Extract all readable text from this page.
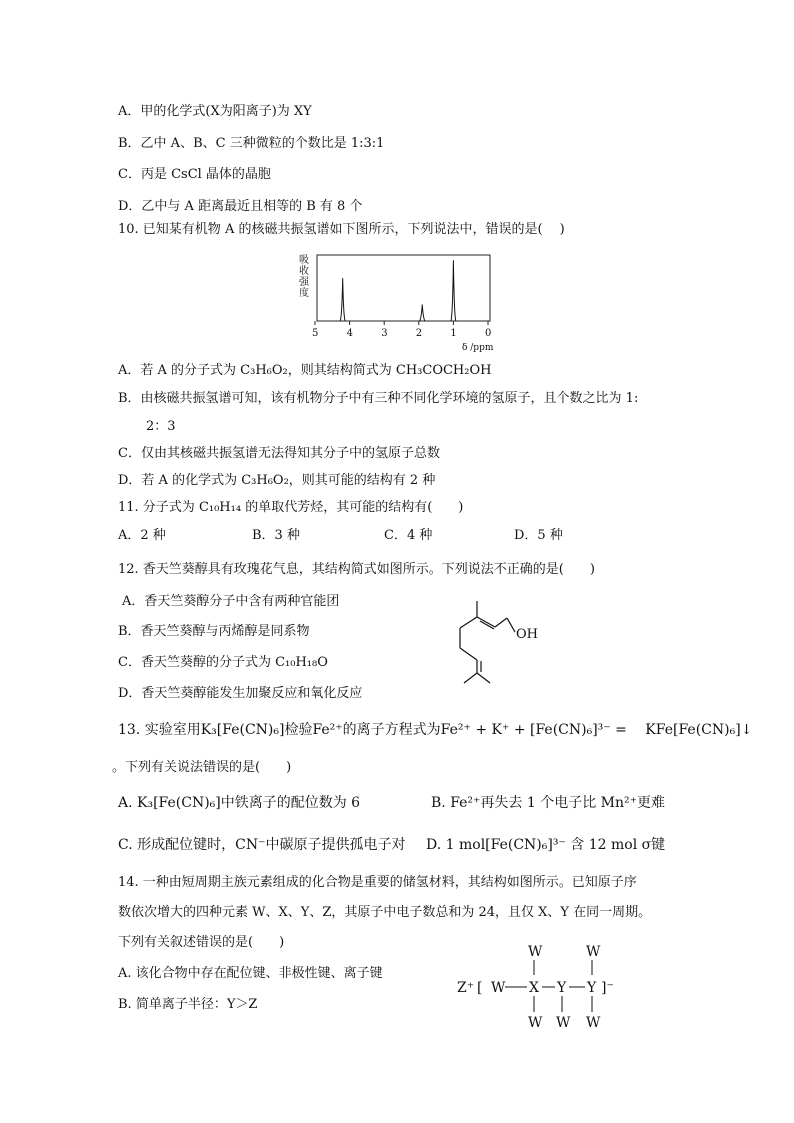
A．甲的化学式(X为阳离子)为 XY
B．乙中 A、B、C 三种微粒的个数比是 1:3:1
C．丙是 CsCl 晶体的晶胞
D．乙中与 A 距离最近且相等的 B 有 8 个
10. 已知某有机物 A 的核磁共振氢谱如下图所示，下列说法中，错误的是(　 )
吸
收
强
度
5	4	3	2	1	0
δ /ppm
A．若 A 的分子式为 C₃H₆O₂，则其结构简式为 CH₃COCH₂OH
B．由核磁共振氢谱可知，该有机物分子中有三种不同化学环境的氢原子，且个数之比为 1:
2：3
C．仅由其核磁共振氢谱无法得知其分子中的氢原子总数
D．若 A 的化学式为 C₃H₆O₂，则其可能的结构有 2 种
11. 分子式为 C₁₀H₁₄ 的单取代芳烃，其可能的结构有(　　)
A．2 种	B．3 种	C．4 种	D．5 种
12. 香天竺葵醇具有玫瑰花气息，其结构简式如图所示。下列说法不正确的是(　　)
A．香天竺葵醇分子中含有两种官能团
B．香天竺葵醇与丙烯醇是同系物
C．香天竺葵醇的分子式为 C₁₀H₁₈O
D．香天竺葵醇能发生加聚反应和氧化反应
OH
13. 实验室用K₃[Fe(CN)₆]检验Fe²⁺的离子方程式为Fe²⁺ + K⁺ + [Fe(CN)₆]³⁻ =　 KFe[Fe(CN)₆]↓
。下列有关说法错误的是(　　)
A. K₃[Fe(CN)₆]中铁离子的配位数为 6	B. Fe²⁺再失去 1 个电子比 Mn²⁺更难
C. 形成配位键时，CN⁻中碳原子提供孤电子对 D. 1 mol[Fe(CN)₆]³⁻ 含 12 mol σ键
14. 一种由短周期主族元素组成的化合物是重要的储氢材料，其结构如图所示。已知原子序
数依次增大的四种元素 W、X、Y、Z，其原子中电子数总和为 24，且仅 X、Y 在同一周期。
下列有关叙述错误的是(　　)
A. 该化合物中存在配位键、非极性键、离子键
B. 简单离子半径：Y＞Z
Z⁺ [ W X Y Y ]⁻
W	W
W W W
